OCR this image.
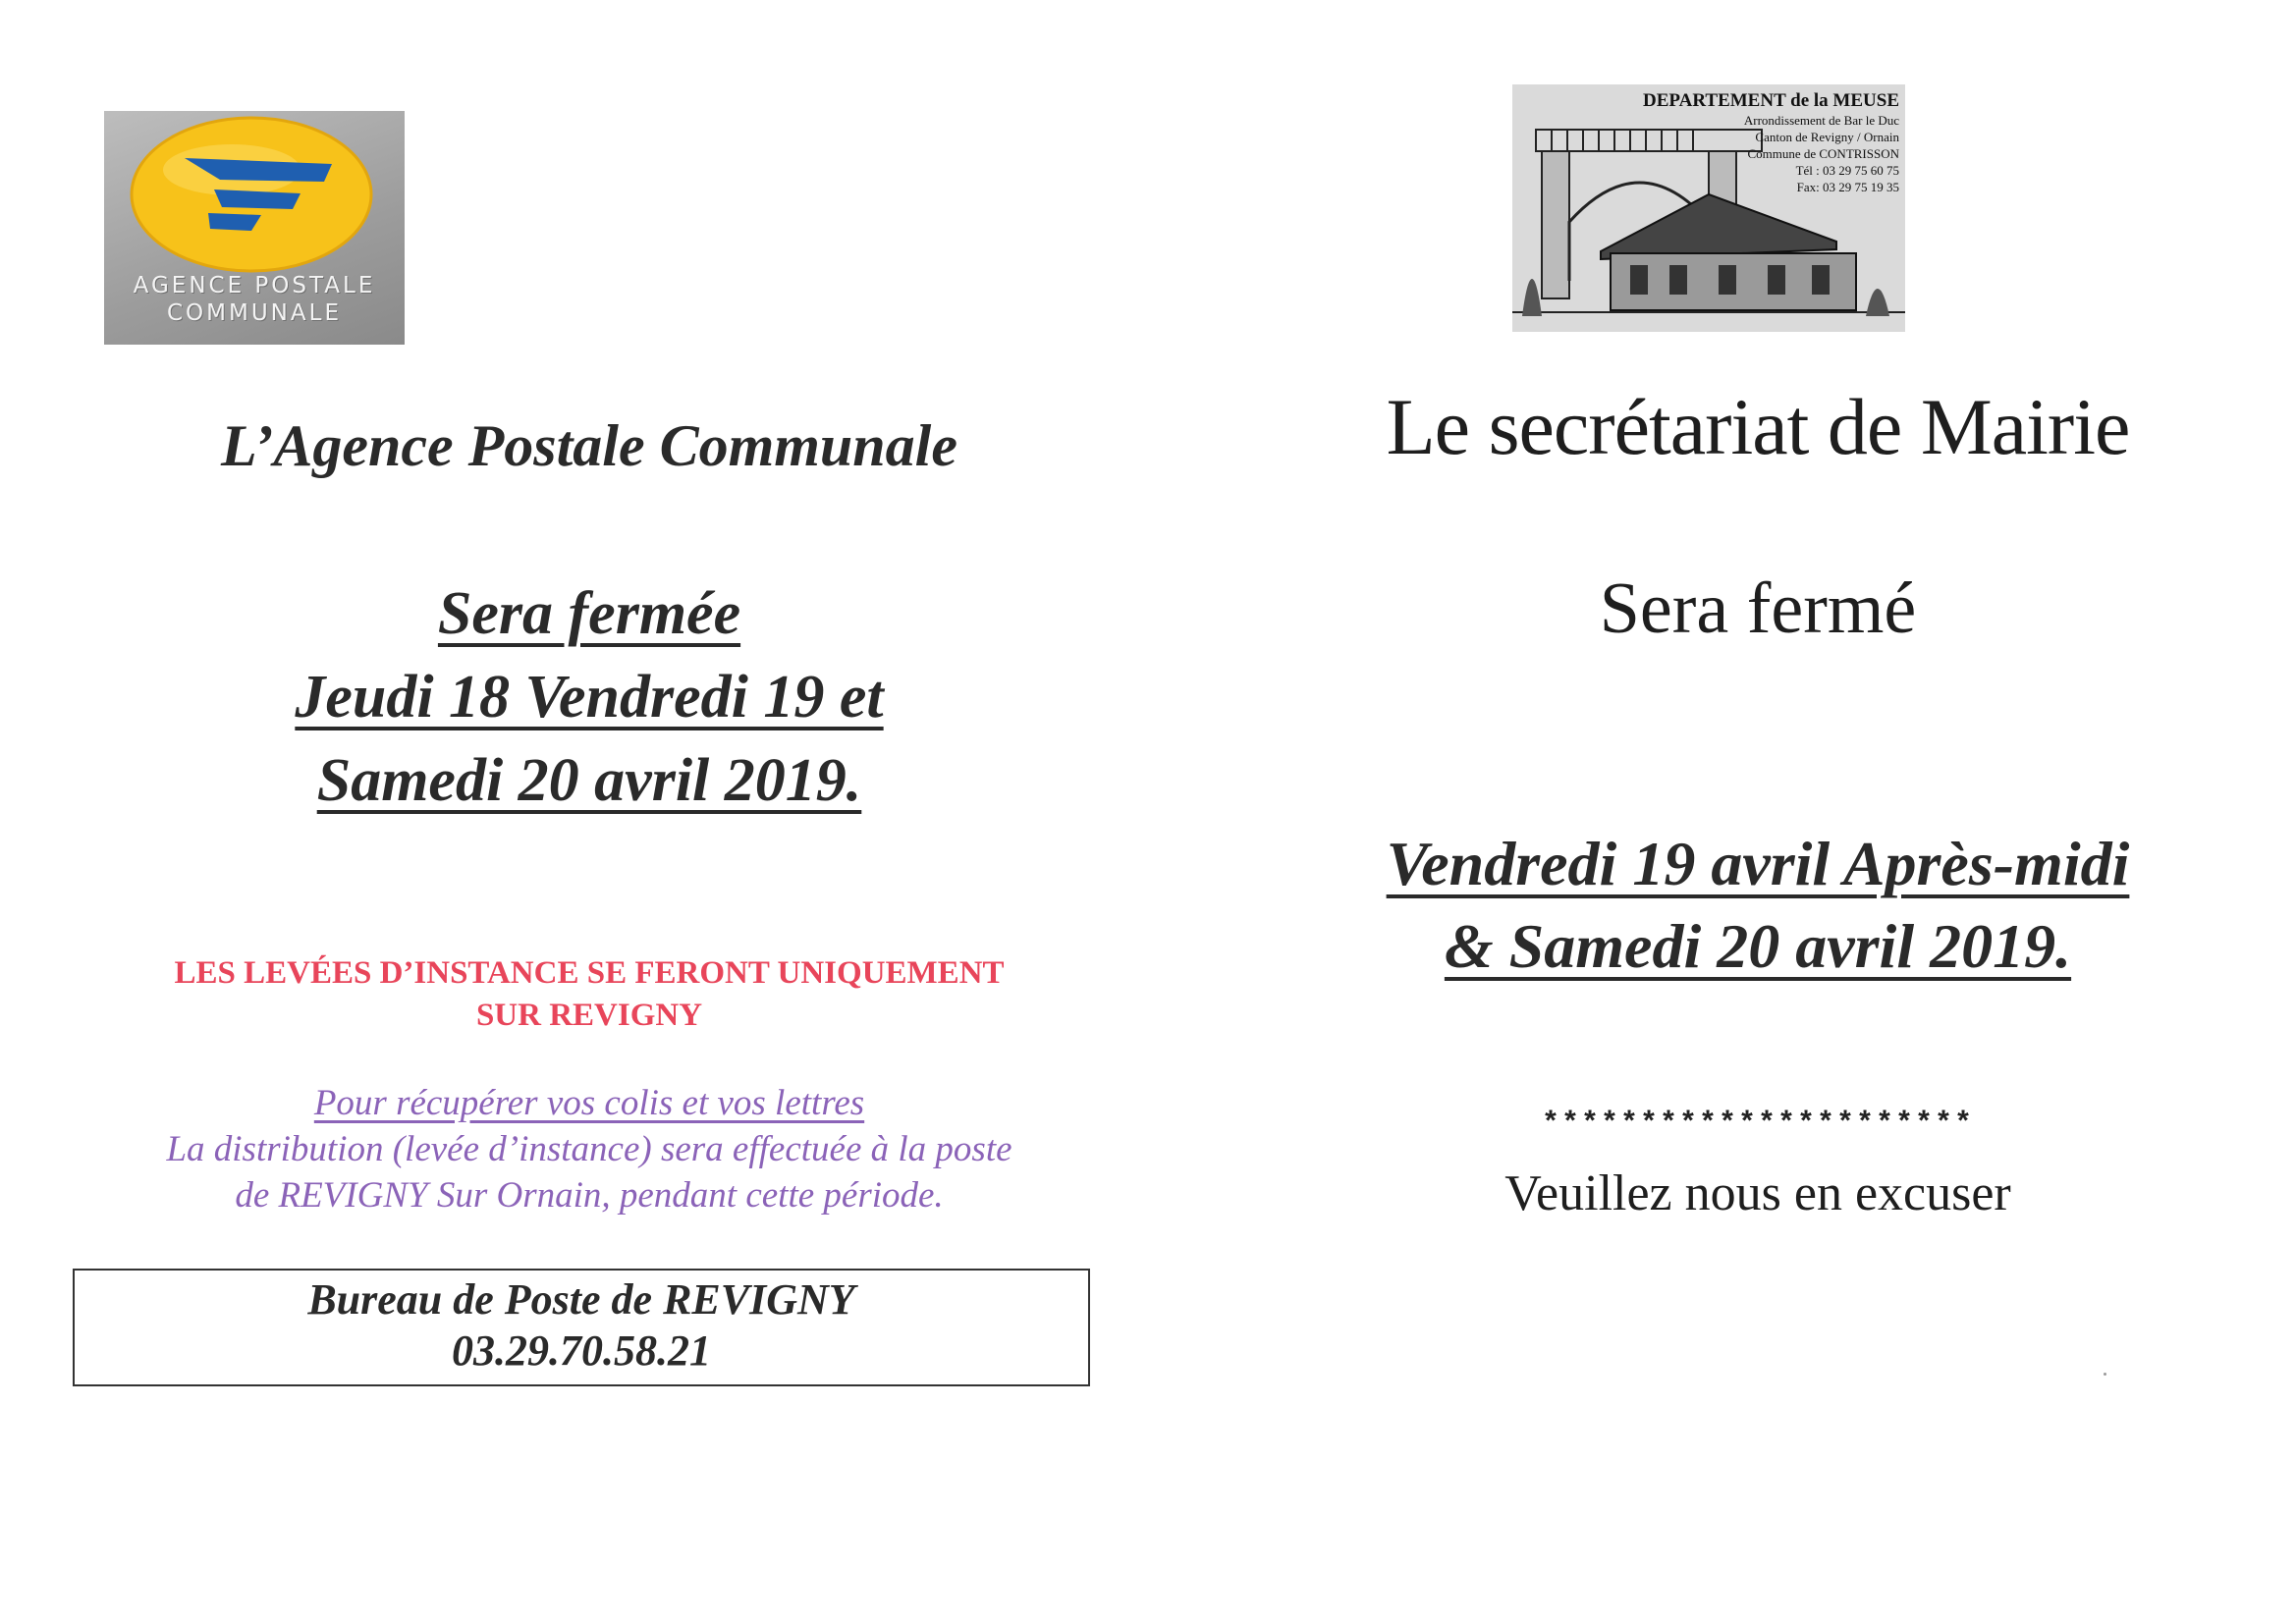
AGENCE POSTALE
COMMUNALE
L’Agence Postale Communale
Sera fermée
Jeudi 18 Vendredi 19 et
Samedi 20 avril 2019.
LES LEVÉES D’INSTANCE SE FERONT UNIQUEMENT
SUR REVIGNY
Pour récupérer vos colis et vos lettres
La distribution (levée d’instance) sera effectuée à la poste
de REVIGNY Sur Ornain, pendant cette période.
Bureau de Poste de REVIGNY
03.29.70.58.21
DEPARTEMENT de la MEUSE
Arrondissement de Bar le Duc
Canton de Revigny / Ornain
Commune de CONTRISSON
Tél : 03 29 75 60 75
Fax: 03 29 75 19 35
Le secrétariat de Mairie
Sera fermé
Vendredi 19 avril Après-midi
& Samedi 20 avril 2019.
**********************
Veuillez nous en excuser
